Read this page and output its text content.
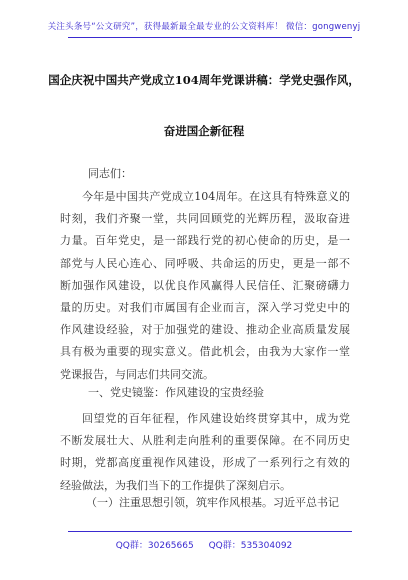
关注头条号“公文研究”，获得最新最全最专业的公文资料库！ 微信：gongwenyj
国企庆祝中国共产党成立104周年党课讲稿：学党史强作风，
奋进国企新征程
同志们：
今年是中国共产党成立104周年。在这具有特殊意义的
时刻，我们齐聚一堂，共同回顾党的光辉历程，汲取奋进
力量。百年党史，是一部践行党的初心使命的历史，是一
部党与人民心连心、同呼吸、共命运的历史，更是一部不
断加强作风建设，以优良作风赢得人民信任、汇聚磅礴力
量的历史。对我们市属国有企业而言，深入学习党史中的
作风建设经验，对于加强党的建设、推动企业高质量发展
具有极为重要的现实意义。借此机会，由我为大家作一堂
党课报告，与同志们共同交流。
一、党史镜鉴：作风建设的宝贵经验
回望党的百年征程，作风建设始终贯穿其中，成为党
不断发展壮大、从胜利走向胜利的重要保障。在不同历史
时期，党都高度重视作风建设，形成了一系列行之有效的
经验做法，为我们当下的工作提供了深刻启示。
（一）注重思想引领，筑牢作风根基。习近平总书记
QQ群：30265665 QQ群：535304092
